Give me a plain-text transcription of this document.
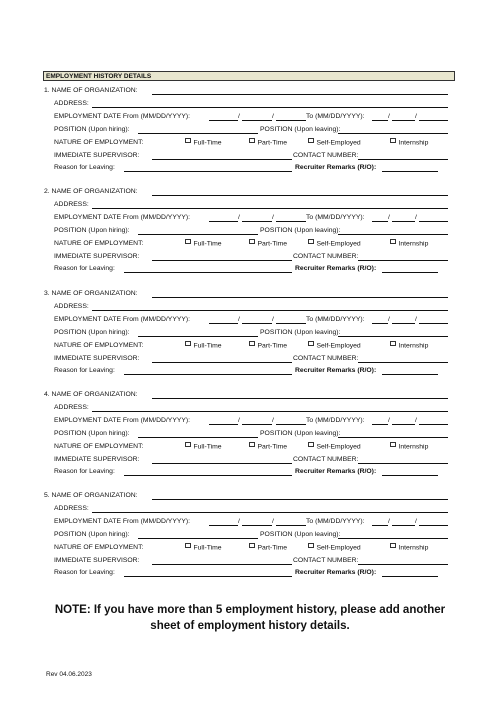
EMPLOYMENT HISTORY DETAILS
1. NAME OF ORGANIZATION:
ADDRESS:
EMPLOYMENT DATE From (MM/DD/YYYY):	/	/	To (MM/DD/YYYY):	/	/
POSITION (Upon hiring):	POSITION (Upon leaving):
NATURE OF EMPLOYMENT:	Full-Time	Part-Time	Self-Employed	Internship
IMMEDIATE SUPERVISOR:	CONTACT NUMBER:
Reason for Leaving:	Recruiter Remarks (R/O):
2. NAME OF ORGANIZATION:
ADDRESS:
EMPLOYMENT DATE From (MM/DD/YYYY):	/	/	To (MM/DD/YYYY):	/	/
POSITION (Upon hiring):	POSITION (Upon leaving):
NATURE OF EMPLOYMENT:	Full-Time	Part-Time	Self-Employed	Internship
IMMEDIATE SUPERVISOR:	CONTACT NUMBER:
Reason for Leaving:	Recruiter Remarks (R/O):
3. NAME OF ORGANIZATION:
ADDRESS:
EMPLOYMENT DATE From (MM/DD/YYYY):	/	/	To (MM/DD/YYYY):	/	/
POSITION (Upon hiring):	POSITION (Upon leaving):
NATURE OF EMPLOYMENT:	Full-Time	Part-Time	Self-Employed	Internship
IMMEDIATE SUPERVISOR:	CONTACT NUMBER:
Reason for Leaving:	Recruiter Remarks (R/O):
4. NAME OF ORGANIZATION:
ADDRESS:
EMPLOYMENT DATE From (MM/DD/YYYY):	/	/	To (MM/DD/YYYY):	/	/
POSITION (Upon hiring):	POSITION (Upon leaving):
NATURE OF EMPLOYMENT:	Full-Time	Part-Time	Self-Employed	Internship
IMMEDIATE SUPERVISOR:	CONTACT NUMBER:
Reason for Leaving:	Recruiter Remarks (R/O):
5. NAME OF ORGANIZATION:
ADDRESS:
EMPLOYMENT DATE From (MM/DD/YYYY):	/	/	To (MM/DD/YYYY):	/	/
POSITION (Upon hiring):	POSITION (Upon leaving):
NATURE OF EMPLOYMENT:	Full-Time	Part-Time	Self-Employed	Internship
IMMEDIATE SUPERVISOR:	CONTACT NUMBER:
Reason for Leaving:	Recruiter Remarks (R/O):
NOTE: If you have more than 5 employment history, please add another
sheet of employment history details.
Rev 04.06.2023
